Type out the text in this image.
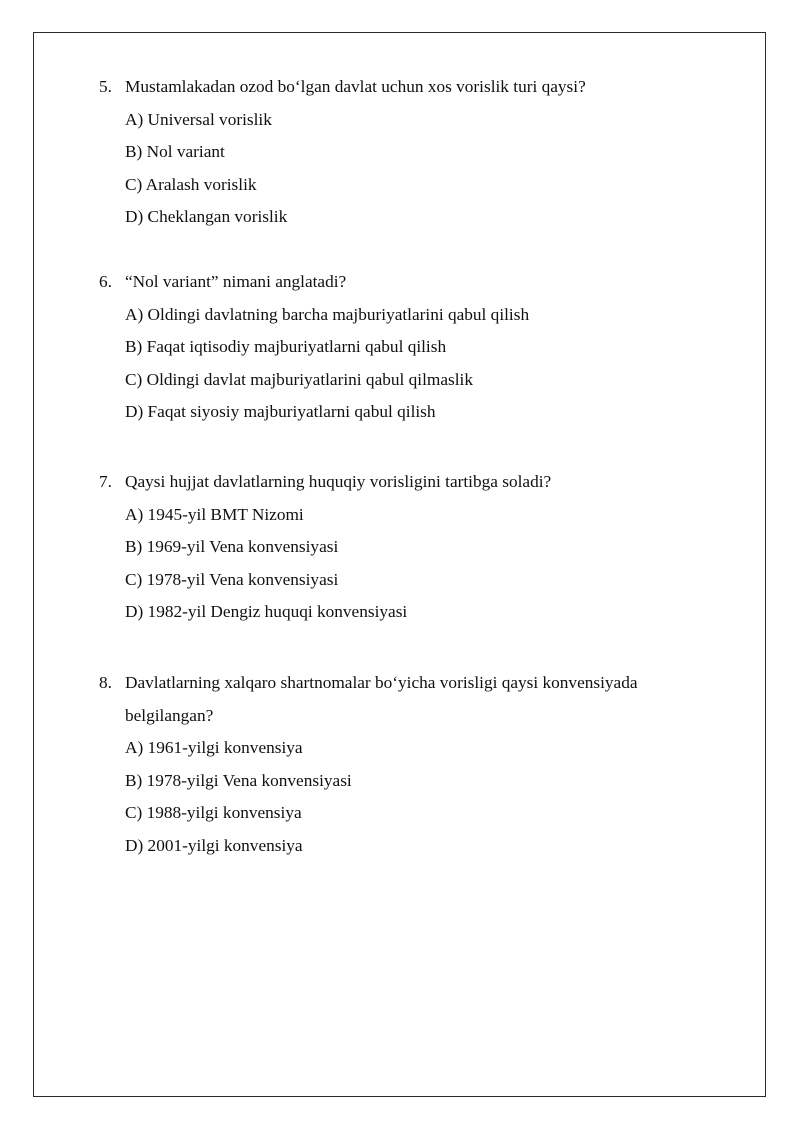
5. Mustamlakadan ozod bo‘lgan davlat uchun xos vorislik turi qaysi?
A) Universal vorislik
B) Nol variant
C) Aralash vorislik
D) Cheklangan vorislik
6. “Nol variant” nimani anglatadi?
A) Oldingi davlatning barcha majburiyatlarini qabul qilish
B) Faqat iqtisodiy majburiyatlarni qabul qilish
C) Oldingi davlat majburiyatlarini qabul qilmaslik
D) Faqat siyosiy majburiyatlarni qabul qilish
7. Qaysi hujjat davlatlarning huquqiy vorisligini tartibga soladi?
A) 1945-yil BMT Nizomi
B) 1969-yil Vena konvensiyasi
C) 1978-yil Vena konvensiyasi
D) 1982-yil Dengiz huquqi konvensiyasi
8. Davlatlarning xalqaro shartnomalar bo‘yicha vorisligi qaysi konvensiyada
belgilangan?
A) 1961-yilgi konvensiya
B) 1978-yilgi Vena konvensiyasi
C) 1988-yilgi konvensiya
D) 2001-yilgi konvensiya
